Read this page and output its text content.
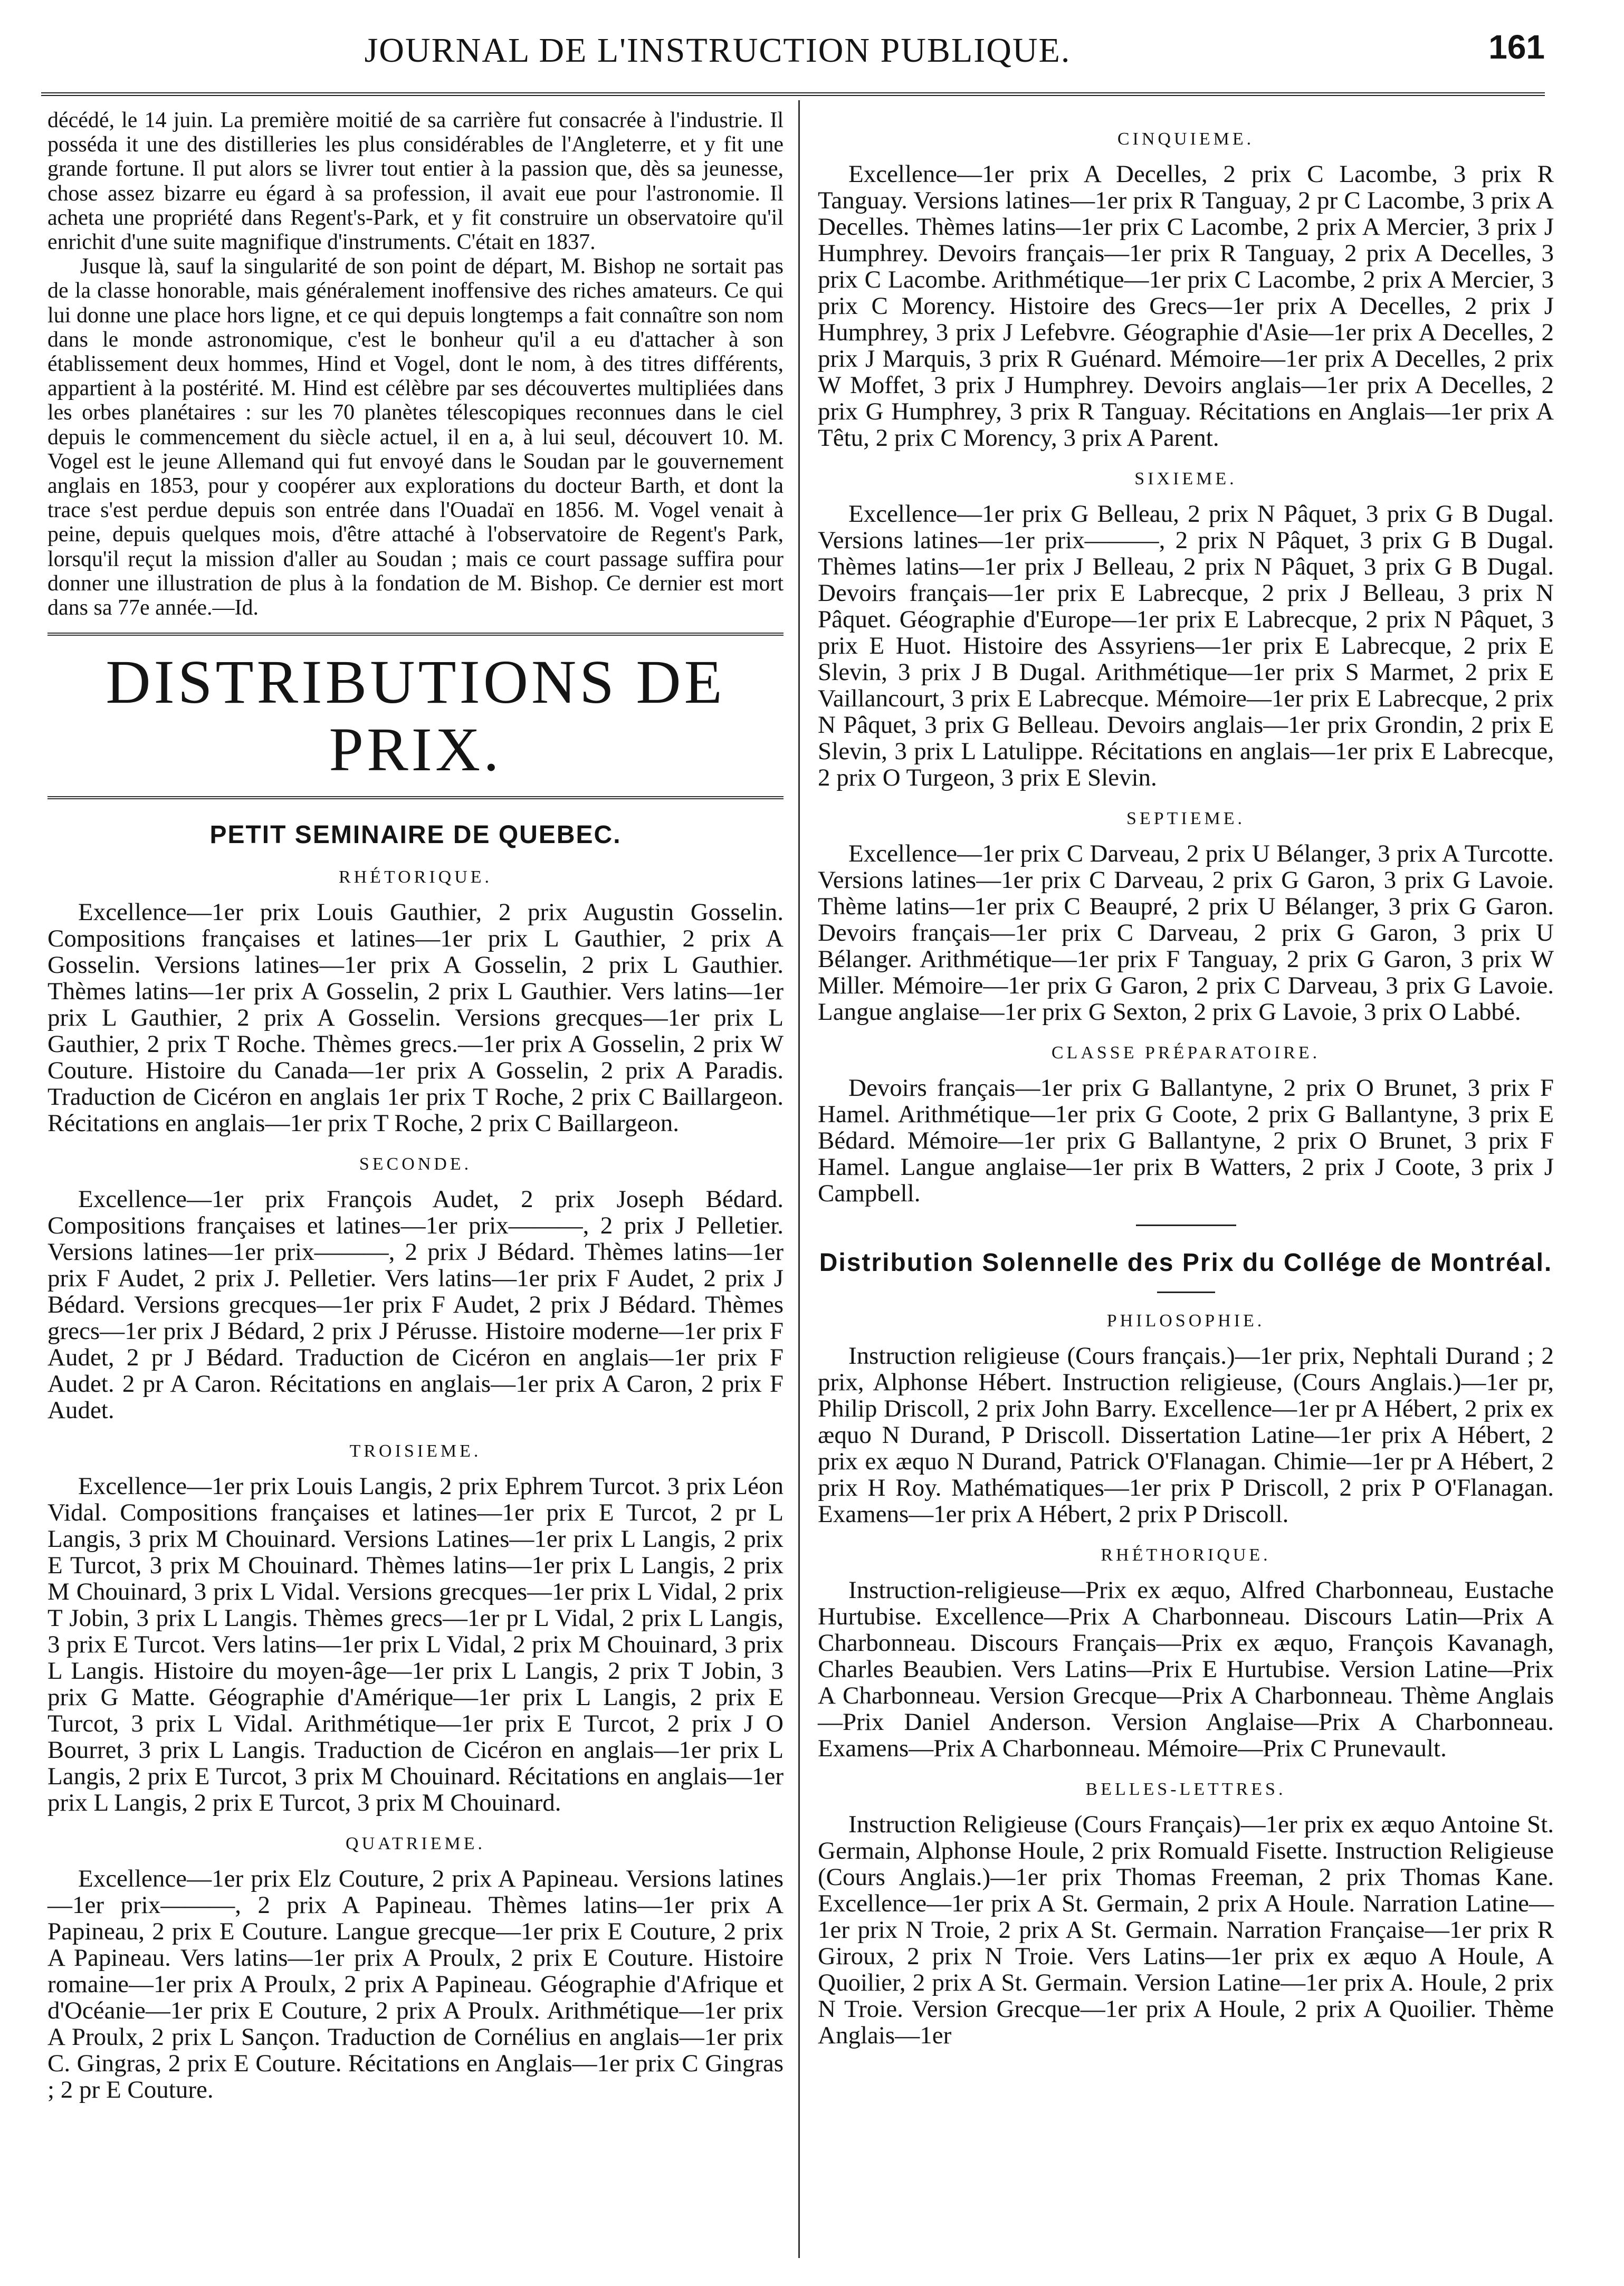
JOURNAL DE L'INSTRUCTION PUBLIQUE.	161

décédé, le 14 juin. La première moitié de sa carrière fut consacrée à l'industrie. Il posséda it une des distilleries les plus considérables de l'Angleterre, et y fit une grande fortune. Il put alors se livrer tout entier à la passion que, dès sa jeunesse, chose assez bizarre eu égard à sa profession, il avait eue pour l'astronomie. Il acheta une propriété dans Regent's-Park, et y fit construire un observatoire qu'il enrichit d'une suite magnifique d'instruments. C'était en 1837.

Jusque là, sauf la singularité de son point de départ, M. Bishop ne sortait pas de la classe honorable, mais généralement inoffensive des riches amateurs. Ce qui lui donne une place hors ligne, et ce qui depuis longtemps a fait connaître son nom dans le monde astronomique, c'est le bonheur qu'il a eu d'attacher à son établissement deux hommes, Hind et Vogel, dont le nom, à des titres différents, appartient à la postérité. M. Hind est célèbre par ses découvertes multipliées dans les orbes planétaires : sur les 70 planètes télescopiques reconnues dans le ciel depuis le commencement du siècle actuel, il en a, à lui seul, découvert 10. M. Vogel est le jeune Allemand qui fut envoyé dans le Soudan par le gouvernement anglais en 1853, pour y coopérer aux explorations du docteur Barth, et dont la trace s'est perdue depuis son entrée dans l'Ouadaï en 1856. M. Vogel venait à peine, depuis quelques mois, d'être attaché à l'observatoire de Regent's Park, lorsqu'il reçut la mission d'aller au Soudan ; mais ce court passage suffira pour donner une illustration de plus à la fondation de M. Bishop. Ce dernier est mort dans sa 77e année.—Id.

DISTRIBUTIONS DE PRIX.
PETIT SEMINAIRE DE QUEBEC.
RHÉTORIQUE.

Excellence—1er prix Louis Gauthier, 2 prix Augustin Gosselin. Compositions françaises et latines—1er prix L Gauthier, 2 prix A Gosselin. Versions latines—1er prix A Gosselin, 2 prix L Gauthier. Thèmes latins—1er prix A Gosselin, 2 prix L Gauthier. Vers latins—1er prix L Gauthier, 2 prix A Gosselin. Versions grecques—1er prix L Gauthier, 2 prix T Roche. Thèmes grecs.—1er prix A Gosselin, 2 prix W Couture. Histoire du Canada—1er prix A Gosselin, 2 prix A Paradis. Traduction de Cicéron en anglais 1er prix T Roche, 2 prix C Baillargeon. Récitations en anglais—1er prix T Roche, 2 prix C Baillargeon.

SECONDE.

Excellence—1er prix François Audet, 2 prix Joseph Bédard. Compositions françaises et latines—1er prix———, 2 prix J Pelletier. Versions latines—1er prix———, 2 prix J Bédard. Thèmes latins—1er prix F Audet, 2 prix J. Pelletier. Vers latins—1er prix F Audet, 2 prix J Bédard. Versions grecques—1er prix F Audet, 2 prix J Bédard. Thèmes grecs—1er prix J Bédard, 2 prix J Pérusse. Histoire moderne—1er prix F Audet, 2 pr J Bédard. Traduction de Cicéron en anglais—1er prix F Audet. 2 pr A Caron. Récitations en anglais—1er prix A Caron, 2 prix F Audet.

TROISIEME.

Excellence—1er prix Louis Langis, 2 prix Ephrem Turcot. 3 prix Léon Vidal. Compositions françaises et latines—1er prix E Turcot, 2 pr L Langis, 3 prix M Chouinard. Versions Latines—1er prix L Langis, 2 prix E Turcot, 3 prix M Chouinard. Thèmes latins—1er prix L Langis, 2 prix M Chouinard, 3 prix L Vidal. Versions grecques—1er prix L Vidal, 2 prix T Jobin, 3 prix L Langis. Thèmes grecs—1er pr L Vidal, 2 prix L Langis, 3 prix E Turcot. Vers latins—1er prix L Vidal, 2 prix M Chouinard, 3 prix L Langis. Histoire du moyen-âge—1er prix L Langis, 2 prix T Jobin, 3 prix G Matte. Géographie d'Amérique—1er prix L Langis, 2 prix E Turcot, 3 prix L Vidal. Arithmétique—1er prix E Turcot, 2 prix J O Bourret, 3 prix L Langis. Traduction de Cicéron en anglais—1er prix L Langis, 2 prix E Turcot, 3 prix M Chouinard. Récitations en anglais—1er prix L Langis, 2 prix E Turcot, 3 prix M Chouinard.

QUATRIEME.

Excellence—1er prix Elz Couture, 2 prix A Papineau. Versions latines—1er prix———, 2 prix A Papineau. Thèmes latins—1er prix A Papineau, 2 prix E Couture. Langue grecque—1er prix E Couture, 2 prix A Papineau. Vers latins—1er prix A Proulx, 2 prix E Couture. Histoire romaine—1er prix A Proulx, 2 prix A Papineau. Géographie d'Afrique et d'Océanie—1er prix E Couture, 2 prix A Proulx. Arithmétique—1er prix A Proulx, 2 prix L Sançon. Traduction de Cornélius en anglais—1er prix C. Gingras, 2 prix E Couture. Récitations en Anglais—1er prix C Gingras ; 2 pr E Couture.

CINQUIEME.

Excellence—1er prix A Decelles, 2 prix C Lacombe, 3 prix R Tanguay. Versions latines—1er prix R Tanguay, 2 pr C Lacombe, 3 prix A Decelles. Thèmes latins—1er prix C Lacombe, 2 prix A Mercier, 3 prix J Humphrey. Devoirs français—1er prix R Tanguay, 2 prix A Decelles, 3 prix C Lacombe. Arithmétique—1er prix C Lacombe, 2 prix A Mercier, 3 prix C Morency. Histoire des Grecs—1er prix A Decelles, 2 prix J Humphrey, 3 prix J Lefebvre. Géographie d'Asie—1er prix A Decelles, 2 prix J Marquis, 3 prix R Guénard. Mémoire—1er prix A Decelles, 2 prix W Moffet, 3 prix J Humphrey. Devoirs anglais—1er prix A Decelles, 2 prix G Humphrey, 3 prix R Tanguay. Récitations en Anglais—1er prix A Têtu, 2 prix C Morency, 3 prix A Parent.

SIXIEME.

Excellence—1er prix G Belleau, 2 prix N Pâquet, 3 prix G B Dugal. Versions latines—1er prix———, 2 prix N Pâquet, 3 prix G B Dugal. Thèmes latins—1er prix J Belleau, 2 prix N Pâquet, 3 prix G B Dugal. Devoirs français—1er prix E Labrecque, 2 prix J Belleau, 3 prix N Pâquet. Géographie d'Europe—1er prix E Labrecque, 2 prix N Pâquet, 3 prix E Huot. Histoire des Assyriens—1er prix E Labrecque, 2 prix E Slevin, 3 prix J B Dugal. Arithmétique—1er prix S Marmet, 2 prix E Vaillancourt, 3 prix E Labrecque. Mémoire—1er prix E Labrecque, 2 prix N Pâquet, 3 prix G Belleau. Devoirs anglais—1er prix Grondin, 2 prix E Slevin, 3 prix L Latulippe. Récitations en anglais—1er prix E Labrecque, 2 prix O Turgeon, 3 prix E Slevin.

SEPTIEME.

Excellence—1er prix C Darveau, 2 prix U Bélanger, 3 prix A Turcotte. Versions latines—1er prix C Darveau, 2 prix G Garon, 3 prix G Lavoie. Thème latins—1er prix C Beaupré, 2 prix U Bélanger, 3 prix G Garon. Devoirs français—1er prix C Darveau, 2 prix G Garon, 3 prix U Bélanger. Arithmétique—1er prix F Tanguay, 2 prix G Garon, 3 prix W Miller. Mémoire—1er prix G Garon, 2 prix C Darveau, 3 prix G Lavoie. Langue anglaise—1er prix G Sexton, 2 prix G Lavoie, 3 prix O Labbé.

CLASSE PRÉPARATOIRE.

Devoirs français—1er prix G Ballantyne, 2 prix O Brunet, 3 prix F Hamel. Arithmétique—1er prix G Coote, 2 prix G Ballantyne, 3 prix E Bédard. Mémoire—1er prix G Ballantyne, 2 prix O Brunet, 3 prix F Hamel. Langue anglaise—1er prix B Watters, 2 prix J Coote, 3 prix J Campbell.

Distribution Solennelle des Prix du Collége de Montréal.
PHILOSOPHIE.

Instruction religieuse (Cours français.)—1er prix, Nephtali Durand ; 2 prix, Alphonse Hébert. Instruction religieuse, (Cours Anglais.)—1er pr, Philip Driscoll, 2 prix John Barry. Excellence—1er pr A Hébert, 2 prix ex æquo N Durand, P Driscoll. Dissertation Latine—1er prix A Hébert, 2 prix ex æquo N Durand, Patrick O'Flanagan. Chimie—1er pr A Hébert, 2 prix H Roy. Mathématiques—1er prix P Driscoll, 2 prix P O'Flanagan. Examens—1er prix A Hébert, 2 prix P Driscoll.

RHÉTHORIQUE.

Instruction-religieuse—Prix ex æquo, Alfred Charbonneau, Eustache Hurtubise. Excellence—Prix A Charbonneau. Discours Latin—Prix A Charbonneau. Discours Français—Prix ex æquo, François Kavanagh, Charles Beaubien. Vers Latins—Prix E Hurtubise. Version Latine—Prix A Charbonneau. Version Grecque—Prix A Charbonneau. Thème Anglais—Prix Daniel Anderson. Version Anglaise—Prix A Charbonneau. Examens—Prix A Charbonneau. Mémoire—Prix C Prunevault.

BELLES-LETTRES.

Instruction Religieuse (Cours Français)—1er prix ex æquo Antoine St. Germain, Alphonse Houle, 2 prix Romuald Fisette. Instruction Religieuse (Cours Anglais.)—1er prix Thomas Freeman, 2 prix Thomas Kane. Excellence—1er prix A St. Germain, 2 prix A Houle. Narration Latine—1er prix N Troie, 2 prix A St. Germain. Narration Française—1er prix R Giroux, 2 prix N Troie. Vers Latins—1er prix ex æquo A Houle, A Quoilier, 2 prix A St. Germain. Version Latine—1er prix A. Houle, 2 prix N Troie. Version Grecque—1er prix A Houle, 2 prix A Quoilier. Thème Anglais—1er
